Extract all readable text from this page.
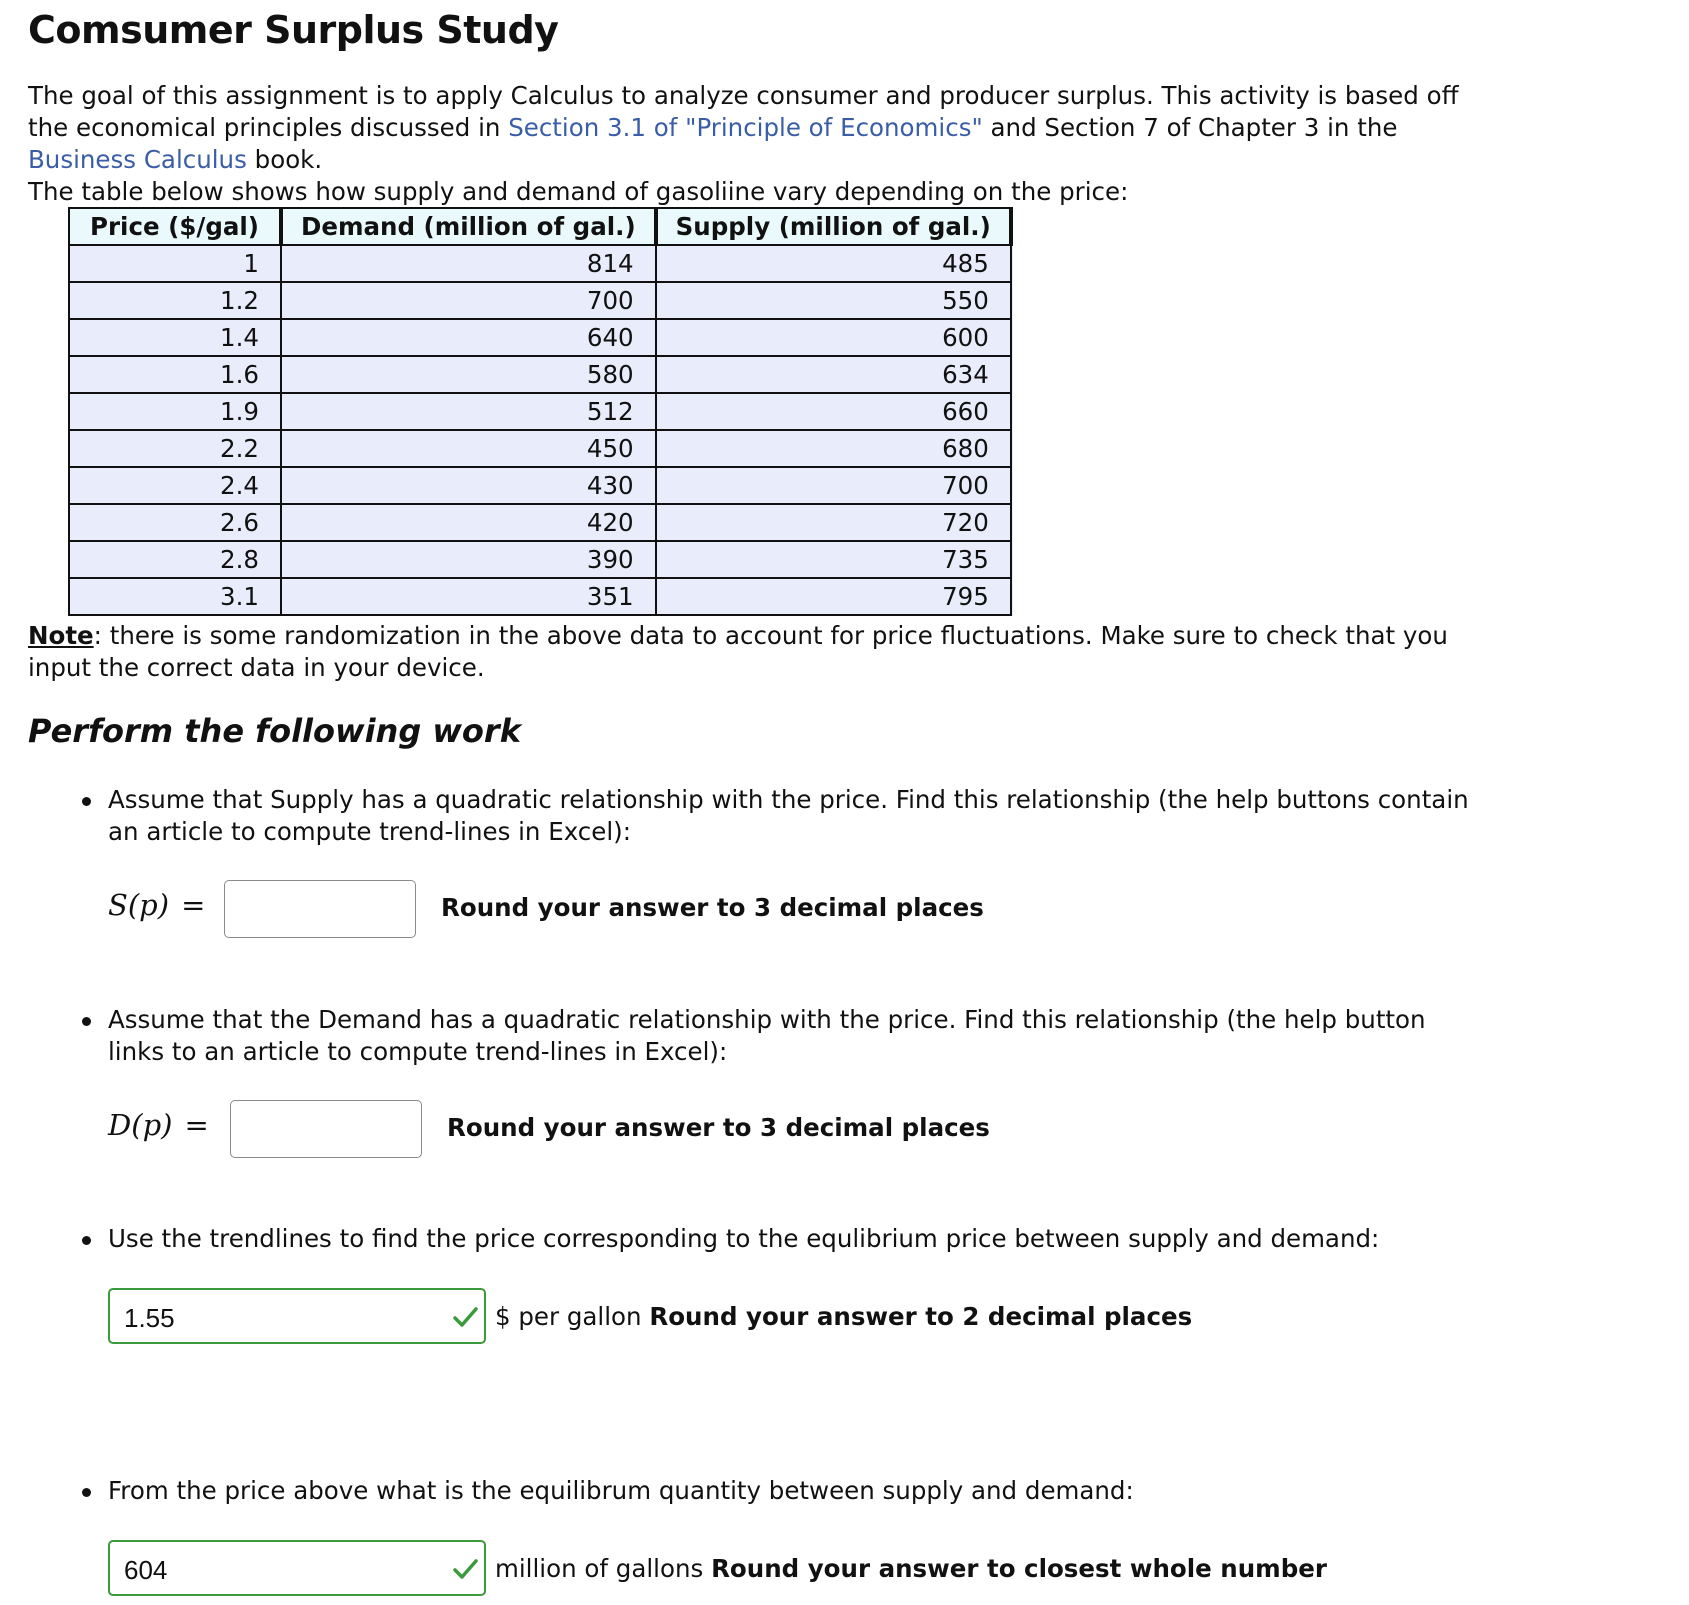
Comsumer Surplus Study
The goal of this assignment is to apply Calculus to analyze consumer and producer surplus. This activity is based off the economical principles discussed in Section 3.1 of "Principle of Economics" and Section 7 of Chapter 3 in the Business Calculus book.
The table below shows how supply and demand of gasoliine vary depending on the price:
Price ($/gal)	Demand (million of gal.)	Supply (million of gal.)
1	814	485
1.2	700	550
1.4	640	600
1.6	580	634
1.9	512	660
2.2	450	680
2.4	430	700
2.6	420	720
2.8	390	735
3.1	351	795
Note: there is some randomization in the above data to account for price fluctuations. Make sure to check that you input the correct data in your device.
Perform the following work
Assume that Supply has a quadratic relationship with the price. Find this relationship (the help buttons contain an article to compute trend-lines in Excel):
S(p) =	Round your answer to 3 decimal places
Assume that the Demand has a quadratic relationship with the price. Find this relationship (the help button links to an article to compute trend-lines in Excel):
D(p) =	Round your answer to 3 decimal places
Use the trendlines to find the price corresponding to the equlibrium price between supply and demand:
1.55	$ per gallon Round your answer to 2 decimal places
From the price above what is the equilibrum quantity between supply and demand:
604	million of gallons Round your answer to closest whole number
